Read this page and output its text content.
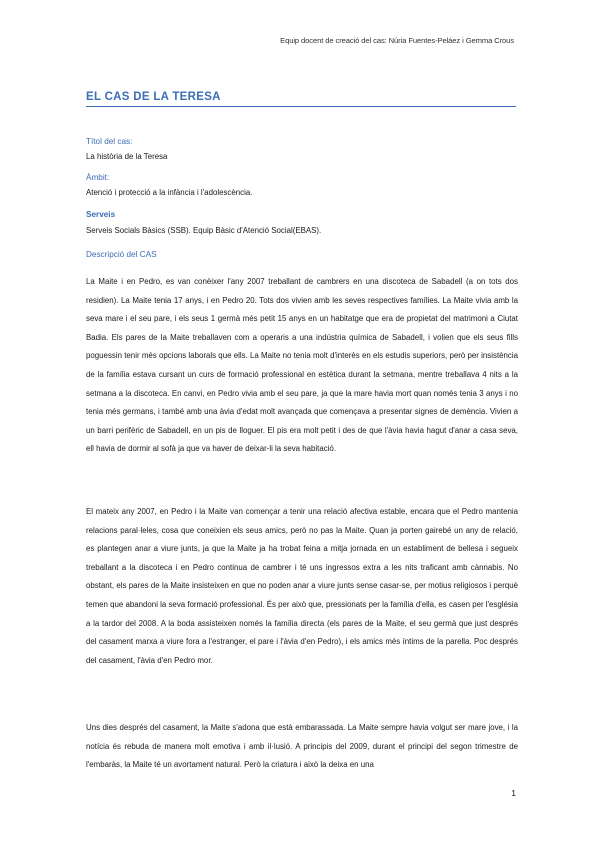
Equip docent de creació del cas: Núria Fuentes-Peláez i Gemma Crous
EL CAS DE LA TERESA
Títol del cas:
La història de la Teresa
Àmbit:
Atenció i protecció a la infància i l'adolescència.
Serveis
Serveis Socials Bàsics (SSB). Equip Bàsic d'Atenció Social(EBAS).
Descripció del CAS
La Maite i en Pedro, es van conèixer l'any 2007 treballant de cambrers en una discoteca de Sabadell (a on tots dos residien). La Maite tenia 17 anys, i en Pedro 20. Tots dos vivien amb les seves respectives famílies. La Maite vivia amb la seva mare i el seu pare, i els seus 1 germà més petit 15 anys en un habitatge que era de propietat del matrimoni a Ciutat Badia. Els pares de la Maite treballaven com a operaris a una indústria química de Sabadell, i volien que els seus fills poguessin tenir més opcions laborals que ells. La Maite no tenia molt d'interès en els estudis superiors, però per insistència de la família estava cursant un curs de formació professional en estètica durant la setmana, mentre treballava 4 nits a la setmana a la discoteca. En canvi, en Pedro vivia amb el seu pare, ja que la mare havia mort quan només tenia 3 anys i no tenia més germans, i també amb una àvia d'edat molt avançada que començava a presentar signes de demència. Vivien a un barri perifèric de Sabadell, en un pis de lloguer. El pis era molt petit i des de que l'àvia havia hagut d'anar a casa seva, ell havia de dormir al sofà ja que va haver de deixar-li la seva habitació.
El mateix any 2007, en Pedro i la Maite van començar a tenir una relació afectiva estable, encara que el Pedro mantenia relacions paral·leles, cosa que coneixien els seus amics, però no pas la Maite. Quan ja porten gairebé un any de relació, es plantegen anar a viure junts, ja que la Maite ja ha trobat feina a mitja jornada en un establiment de bellesa i segueix treballant a la discoteca i en Pedro continua de cambrer i té uns ingressos extra a les nits traficant amb cànnabis. No obstant, els pares de la Maite insisteixen en que no poden anar a viure junts sense casar-se, per motius religiosos i perquè temen que abandoni la seva formació professional. És per això que, pressionats per la família d'ella, es casen per l'església a la tardor del 2008. A la boda assisteixen només la família directa (els pares de la Maite, el seu germà que just després del casament marxa a viure fora a l'estranger, el pare i l'àvia d'en Pedro), i els amics més íntims de la parella. Poc després del casament, l'àvia d'en Pedro mor.
Uns dies després del casament, la Maite s'adona que està embarassada. La Maite sempre havia volgut ser mare jove, i la notícia és rebuda de manera molt emotiva i amb il·lusió. A principis del 2009, durant el principi del segon trimestre de l'embaràs, la Maite té un avortament natural. Però la criatura i això la deixa en una
1
